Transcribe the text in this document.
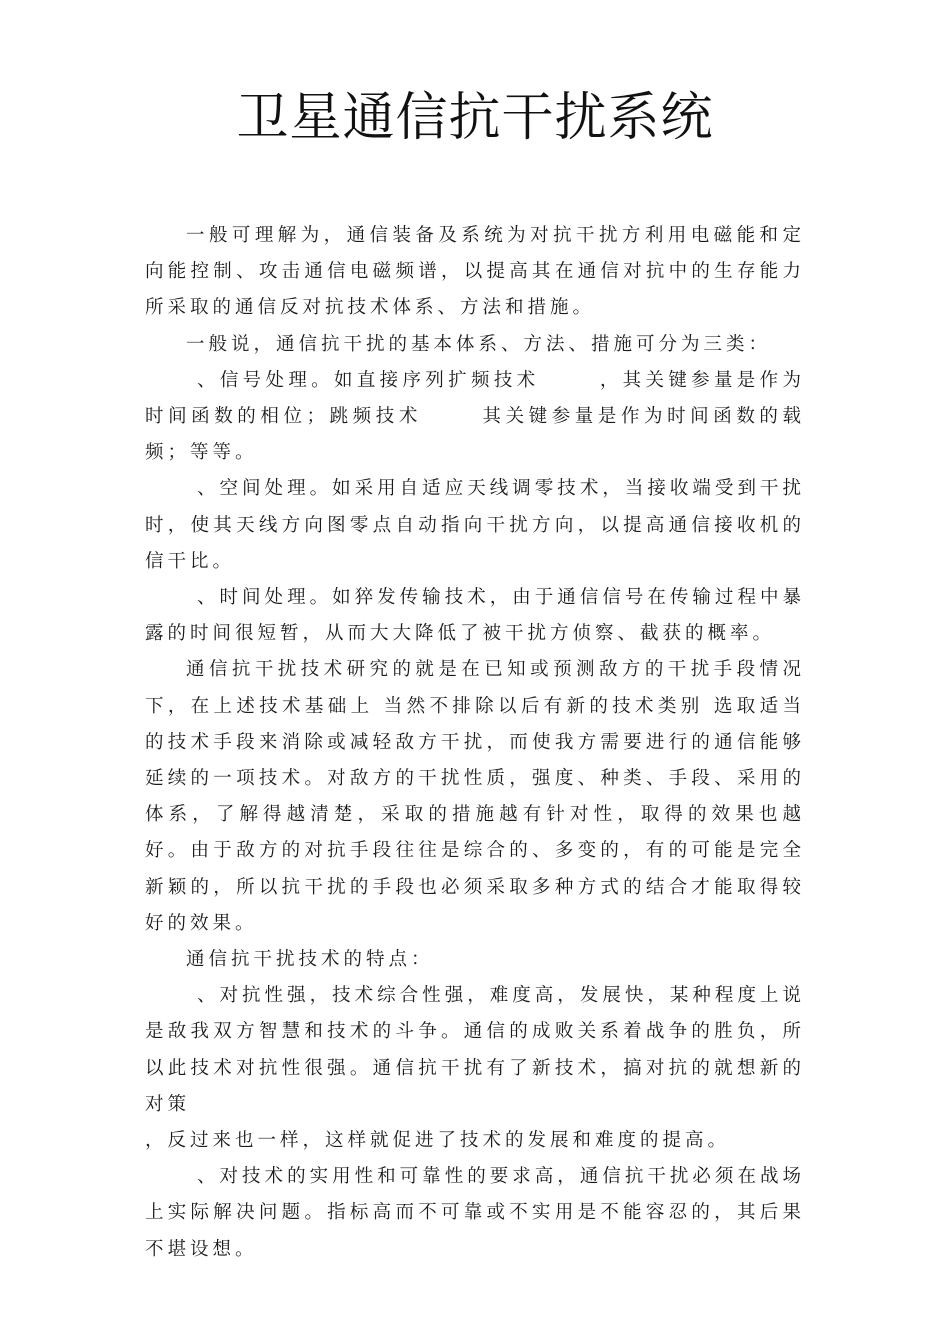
卫星通信抗干扰系统

一般可理解为，通信装备及系统为对抗干扰方利用电磁能和定向能控制、攻击通信电磁频谱，以提高其在通信对抗中的生存能力所采取的通信反对抗技术体系、方法和措施。

一般说，通信抗干扰的基本体系、方法、措施可分为三类：

、信号处理。如直接序列扩频技术	，其关键参量是作为时间函数的相位；跳频技术	其关键参量是作为时间函数的载频；等等。

、空间处理。如采用自适应天线调零技术，当接收端受到干扰时，使其天线方向图零点自动指向干扰方向，以提高通信接收机的信干比。

、时间处理。如猝发传输技术，由于通信信号在传输过程中暴露的时间很短暂，从而大大降低了被干扰方侦察、截获的概率。

通信抗干扰技术研究的就是在已知或预测敌方的干扰手段情况下，在上述技术基础上 当然不排除以后有新的技术类别 选取适当的技术手段来消除或减轻敌方干扰，而使我方需要进行的通信能够延续的一项技术。对敌方的干扰性质，强度、种类、手段、采用的体系，了解得越清楚，采取的措施越有针对性，取得的效果也越好。由于敌方的对抗手段往往是综合的、多变的，有的可能是完全新颖的，所以抗干扰的手段也必须采取多种方式的结合才能取得较好的效果。

通信抗干扰技术的特点：

、对抗性强，技术综合性强，难度高，发展快，某种程度上说是敌我双方智慧和技术的斗争。通信的成败关系着战争的胜负，所以此技术对抗性很强。通信抗干扰有了新技术，搞对抗的就想新的对策
，反过来也一样，这样就促进了技术的发展和难度的提高。

、对技术的实用性和可靠性的要求高，通信抗干扰必须在战场上实际解决问题。指标高而不可靠或不实用是不能容忍的，其后果不堪设想。
